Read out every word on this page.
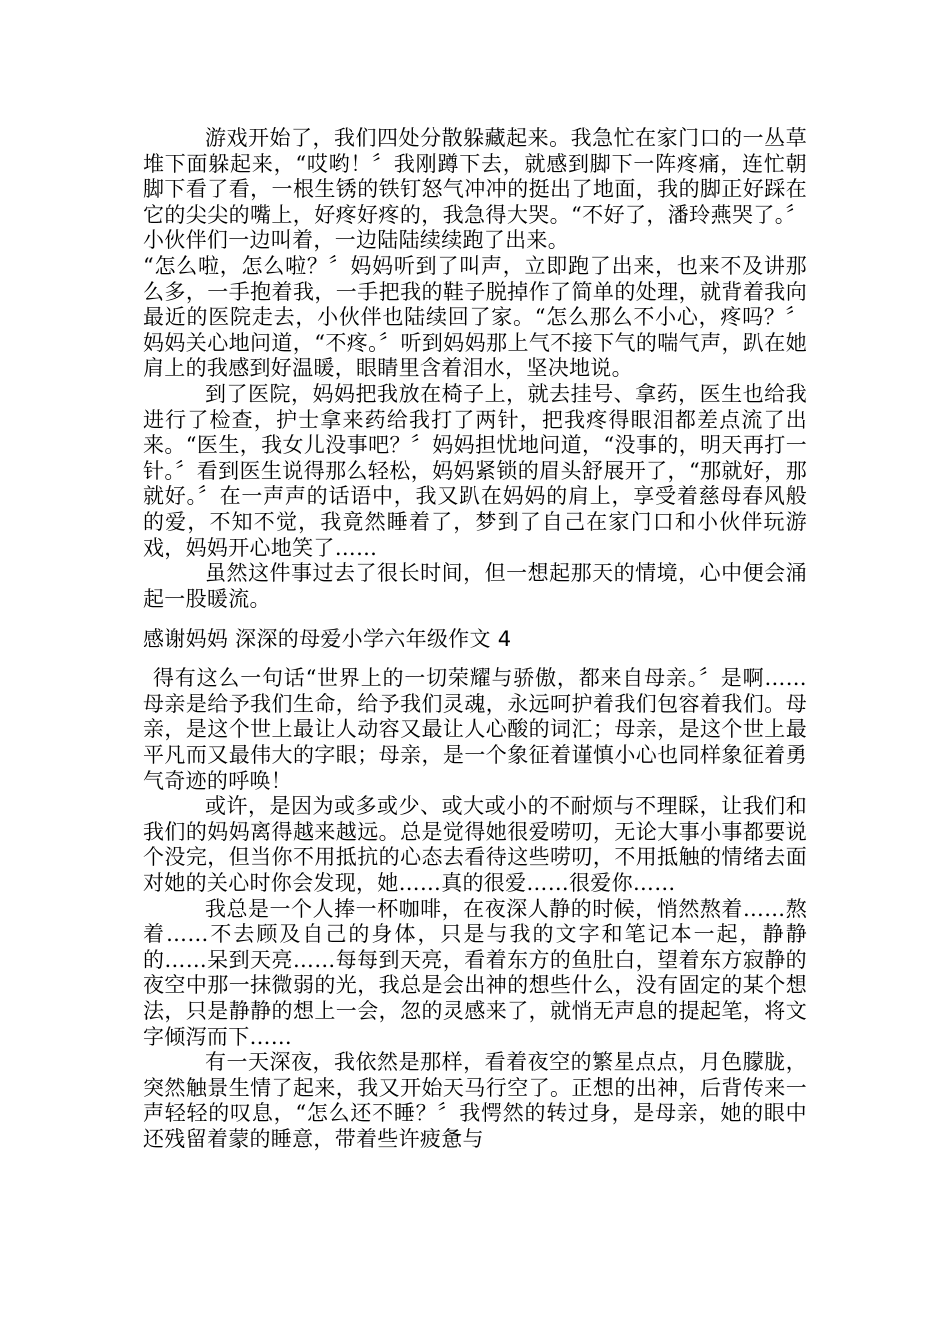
游戏开始了，我们四处分散躲藏起来。我急忙在家门口的一丛草堆下面躲起来，“哎哟！〞我刚蹲下去，就感到脚下一阵疼痛，连忙朝脚下看了看，一根生锈的铁钉怒气冲冲的挺出了地面，我的脚正好踩在它的尖尖的嘴上，好疼好疼的，我急得大哭。“不好了，潘玲燕哭了。〞小伙伴们一边叫着，一边陆陆续续跑了出来。

“怎么啦，怎么啦？〞妈妈听到了叫声，立即跑了出来，也来不及讲那么多，一手抱着我，一手把我的鞋子脱掉作了简单的处理，就背着我向最近的医院走去，小伙伴也陆续回了家。“怎么那么不小心，疼吗？〞妈妈关心地问道，“不疼。〞听到妈妈那上气不接下气的喘气声，趴在她肩上的我感到好温暖，眼睛里含着泪水，坚决地说。

到了医院，妈妈把我放在椅子上，就去挂号、拿药，医生也给我进行了检查，护士拿来药给我打了两针，把我疼得眼泪都差点流了出来。“医生，我女儿没事吧？〞妈妈担忧地问道，“没事的，明天再打一针。〞看到医生说得那么轻松，妈妈紧锁的眉头舒展开了，“那就好，那就好。〞在一声声的话语中，我又趴在妈妈的肩上，享受着慈母春风般的爱，不知不觉，我竟然睡着了，梦到了自己在家门口和小伙伴玩游戏，妈妈开心地笑了……

虽然这件事过去了很长时间，但一想起那天的情境，心中便会涌起一股暖流。

感谢妈妈 深深的母爱小学六年级作文 4

得有这么一句话“世界上的一切荣耀与骄傲，都来自母亲。〞是啊……母亲是给予我们生命，给予我们灵魂，永远呵护着我们包容着我们。母亲，是这个世上最让人动容又最让人心酸的词汇；母亲，是这个世上最平凡而又最伟大的字眼；母亲，是一个象征着谨慎小心也同样象征着勇气奇迹的呼唤！

或许，是因为或多或少、或大或小的不耐烦与不理睬，让我们和我们的妈妈离得越来越远。总是觉得她很爱唠叨，无论大事小事都要说个没完，但当你不用抵抗的心态去看待这些唠叨，不用抵触的情绪去面对她的关心时你会发现，她……真的很爱……很爱你……

我总是一个人捧一杯咖啡，在夜深人静的时候，悄然熬着……熬着……不去顾及自己的身体，只是与我的文字和笔记本一起，静静的……呆到天亮……每每到天亮，看着东方的鱼肚白，望着东方寂静的夜空中那一抹微弱的光，我总是会出神的想些什么，没有固定的某个想法，只是静静的想上一会，忽的灵感来了，就悄无声息的提起笔，将文字倾泻而下……

有一天深夜，我依然是那样，看着夜空的繁星点点，月色朦胧，突然触景生情了起来，我又开始天马行空了。正想的出神，后背传来一声轻轻的叹息，“怎么还不睡？〞我愕然的转过身，是母亲，她的眼中还残留着蒙的睡意，带着些许疲惫与
